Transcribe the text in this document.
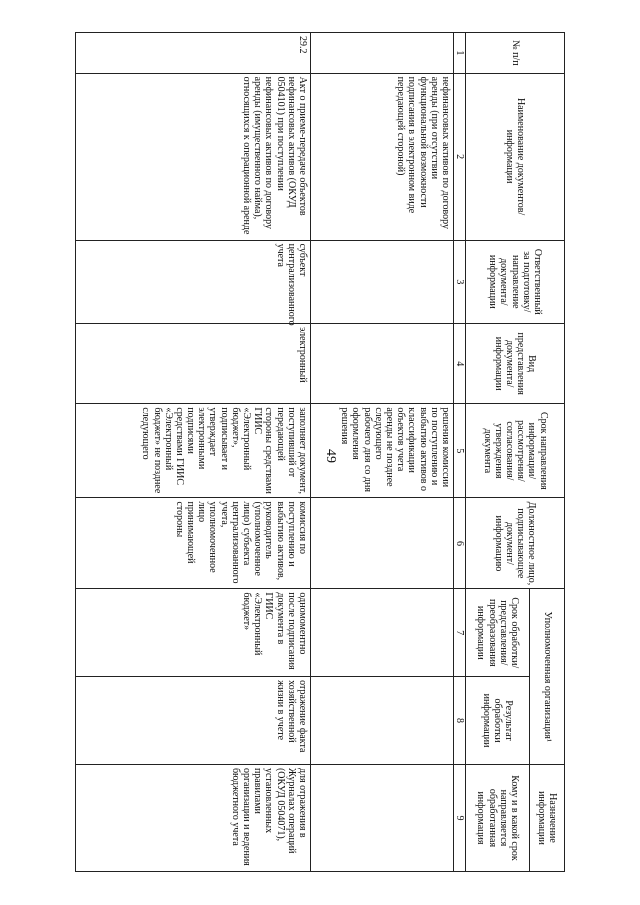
49
№ п/п	Наименование документов/ информации	Ответственный за подготовку/ направление документа/ информации	Вид представления документа/ информации	Срок направления информации/ рассмотрения/ согласования/ утверждения документа	Должностное лицо, подписывающее документ/ информацию	Уполномоченная организация¹		Назначение информации
						Срок обработки/ представления/ преобразования информации	Результат обработки информации	Кому и в какой срок направляется обработанная информация
1	2	3	4	5	6	7	8	9
	нефинансовых активов по договору аренды (при отсутствии функциональной возможности подписания в электронном виде передающей стороной)			решения комиссии по поступлению и выбытию активов о классификации объектов учета аренды не позднее следующего рабочего дня со дня оформления решения				
29.2	Акт о приеме-передаче объектов нефинансовых активов (ОКУД 0504101) при поступлении нефинансовых активов по договору аренды (имущественного найма), относящихся к операционной аренде	субъект централизованного учета	электронный	заполняет документ, поступивший от передающей стороны средствами ГИИС «Электронный бюджет», подписывает и утверждает электронными подписями средствами ГИИС «Электронный бюджет» не позднее следующего	комиссия по поступлению и выбытию активов, руководитель (уполномоченное лицо) субъекта централизованного учета, уполномоченное лицо принимающей стороны	одномоментно после подписания документа в ГИИС «Электронный бюджет»	отражение факта хозяйственной жизни в учете	для отражения в Журналах операций (ОКУД 0504071), установленных правилами организации и ведения бюджетного учета
